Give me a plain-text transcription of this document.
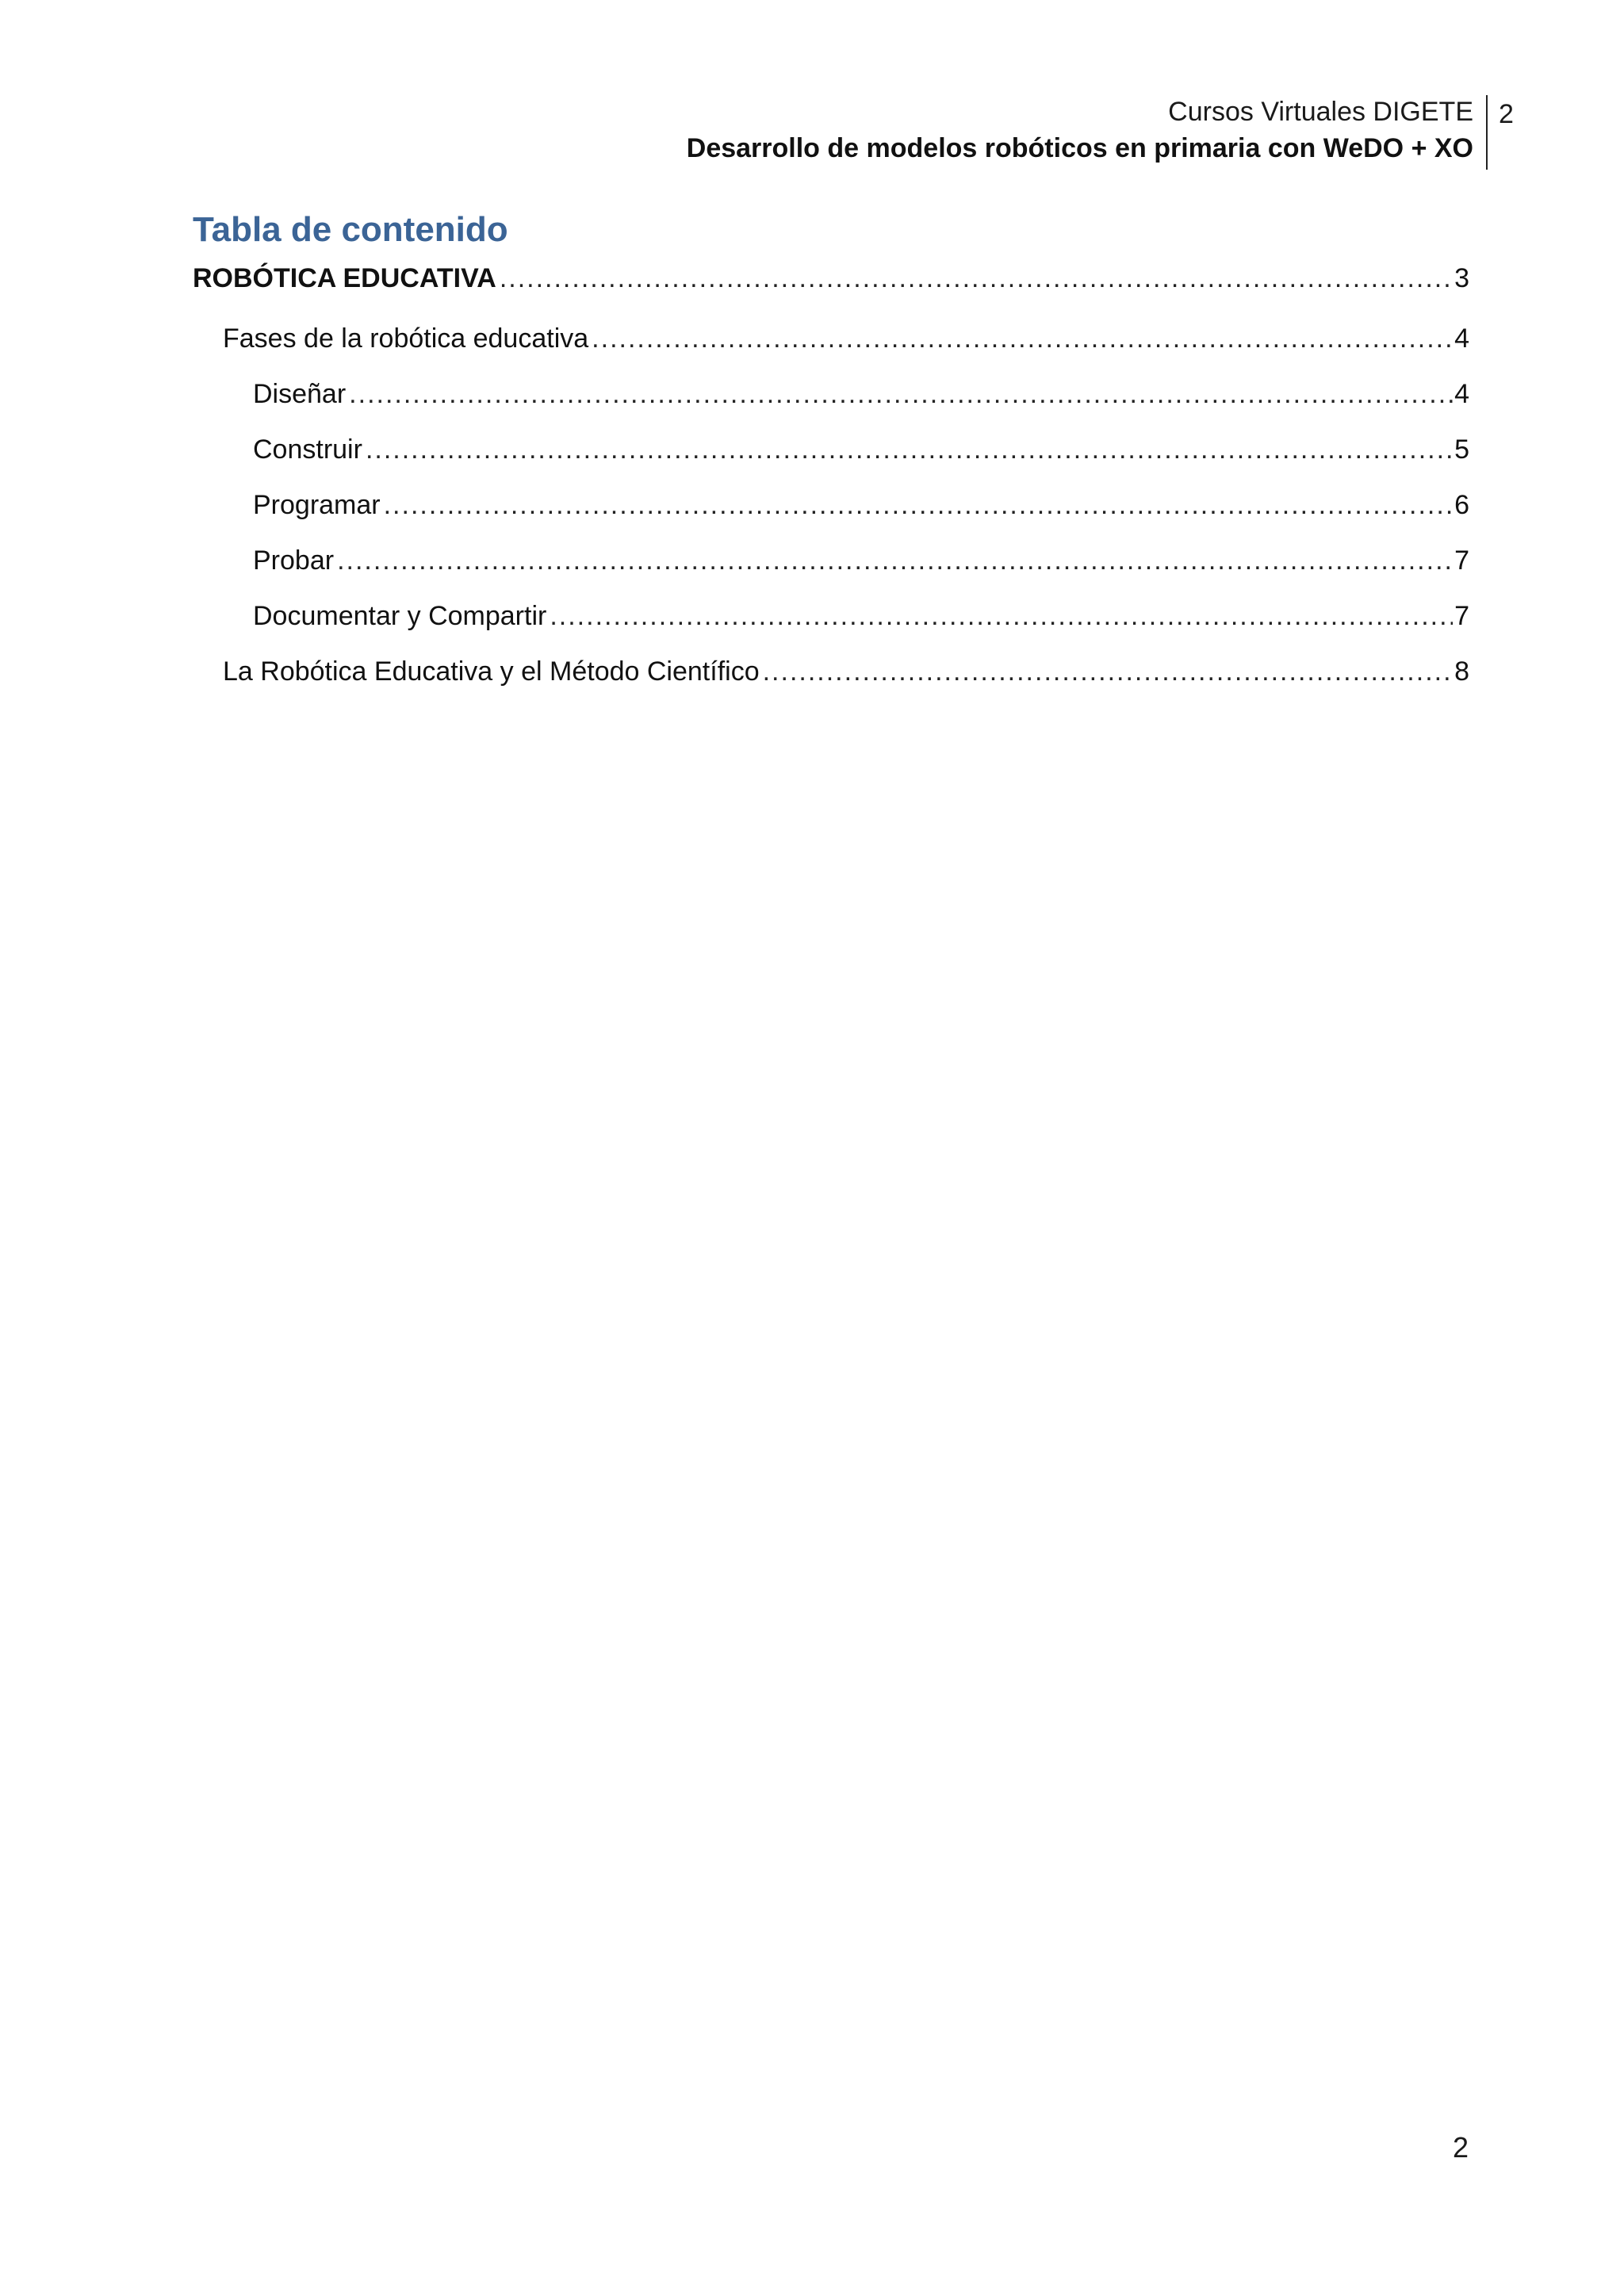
Cursos Virtuales DIGETE
Desarrollo de modelos robóticos en primaria con WeDO + XO
2
Tabla de contenido
ROBÓTICA EDUCATIVA .....	3
Fases de la robótica educativa .....	4
Diseñar .....	4
Construir .....	5
Programar .....	6
Probar .....	7
Documentar y Compartir .....	7
La Robótica Educativa y el Método Científico .....	8
2
